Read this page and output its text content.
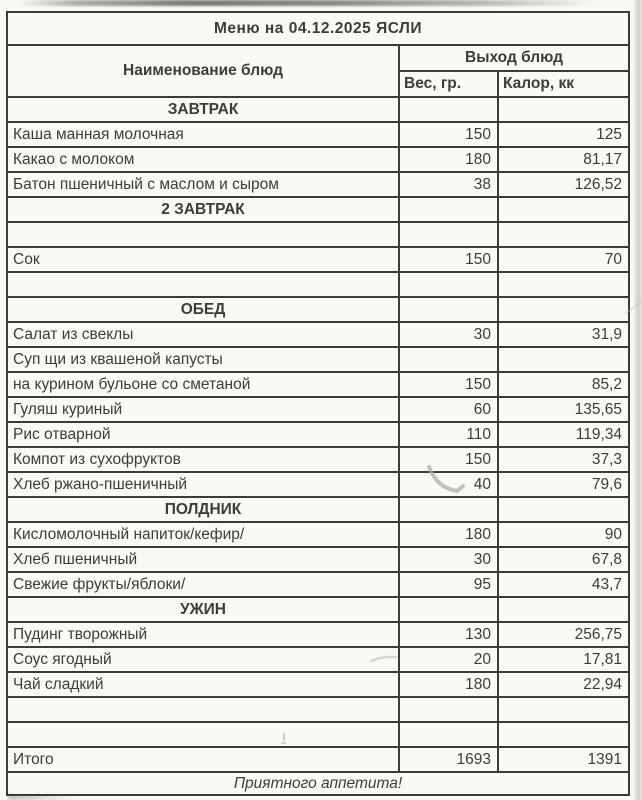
Меню на 04.12.2025 ЯСЛИ		
Наименование блюд	Выход блюд	
	Вес, гр.	Калор, кк
ЗАВТРАК		
Каша манная молочная	150	125
Какао с молоком	180	81,17
Батон пшеничный с маслом и сыром	38	126,52
2 ЗАВТРАК		

Сок	150	70

ОБЕД		
Салат из свеклы	30	31,9
Суп щи из квашеной капусты		
на курином бульоне со сметаной	150	85,2
Гуляш куриный	60	135,65
Рис отварной	110	119,34
Компот из сухофруктов	150	37,3
Хлеб ржано-пшеничный	40	79,6
ПОЛДНИК		
Кисломолочный напиток/кефир/	180	90
Хлеб пшеничный	30	67,8
Свежие фрукты/яблоки/	95	43,7
УЖИН		
Пудинг творожный	130	256,75
Соус ягодный	20	17,81
Чай сладкий	180	22,94

Итого	1693	1391
Приятного аппетита!		
